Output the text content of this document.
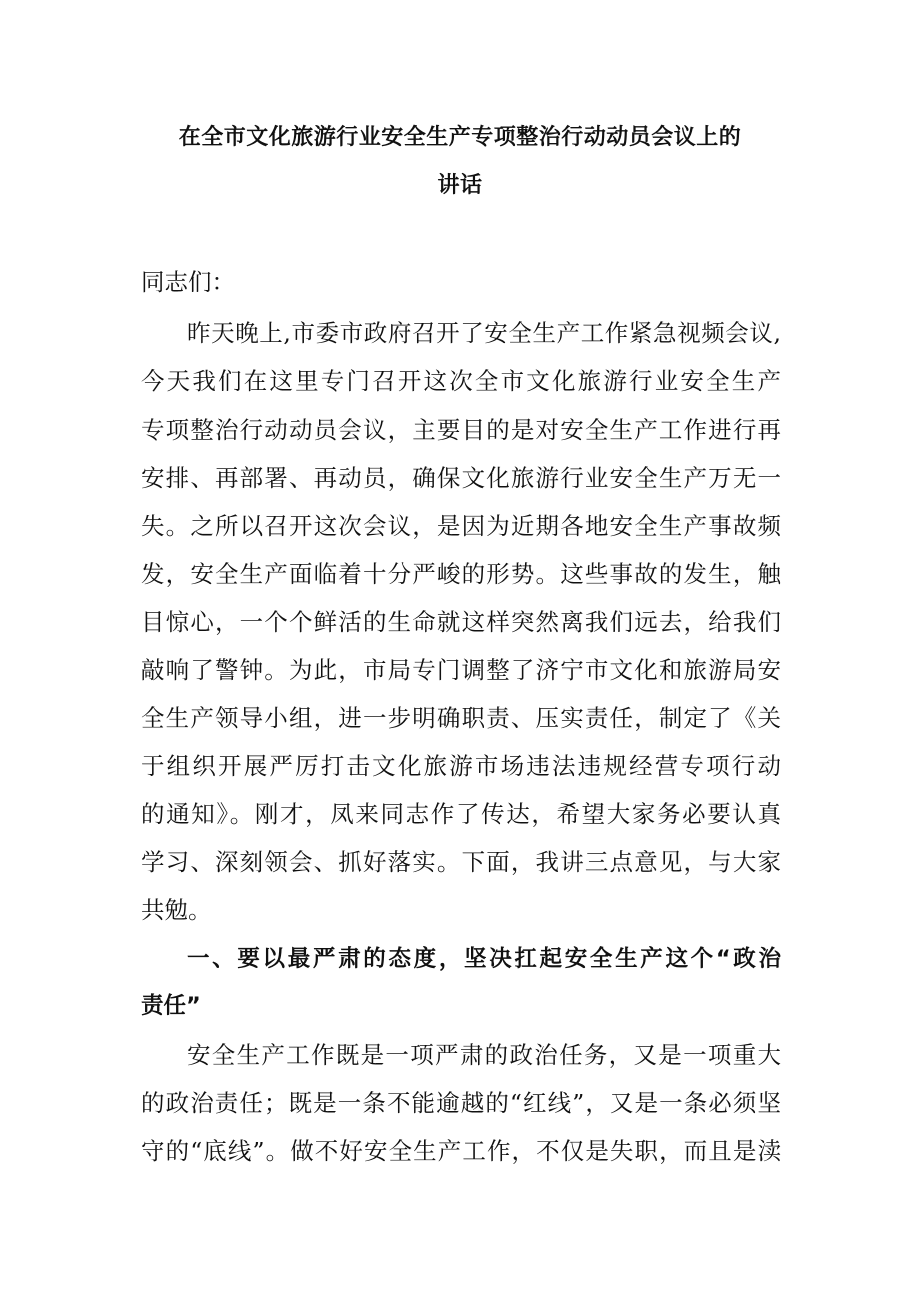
在全市文化旅游行业安全生产专项整治行动动员会议上的
讲话
同志们：
昨天晚上,市委市政府召开了安全生产工作紧急视频会议,
今天我们在这里专门召开这次全市文化旅游行业安全生产
专项整治行动动员会议，主要目的是对安全生产工作进行再
安排、再部署、再动员，确保文化旅游行业安全生产万无一
失。之所以召开这次会议，是因为近期各地安全生产事故频
发，安全生产面临着十分严峻的形势。这些事故的发生，触
目惊心，一个个鲜活的生命就这样突然离我们远去，给我们
敲响了警钟。为此，市局专门调整了济宁市文化和旅游局安
全生产领导小组，进一步明确职责、压实责任，制定了《关
于组织开展严厉打击文化旅游市场违法违规经营专项行动
的通知》。刚才，凤来同志作了传达，希望大家务必要认真
学习、深刻领会、抓好落实。下面，我讲三点意见，与大家
共勉。
一、要以最严肃的态度，坚决扛起安全生产这个“政治
责任”
安全生产工作既是一项严肃的政治任务，又是一项重大
的政治责任；既是一条不能逾越的“红线”，又是一条必须坚
守的“底线”。做不好安全生产工作，不仅是失职，而且是渎
